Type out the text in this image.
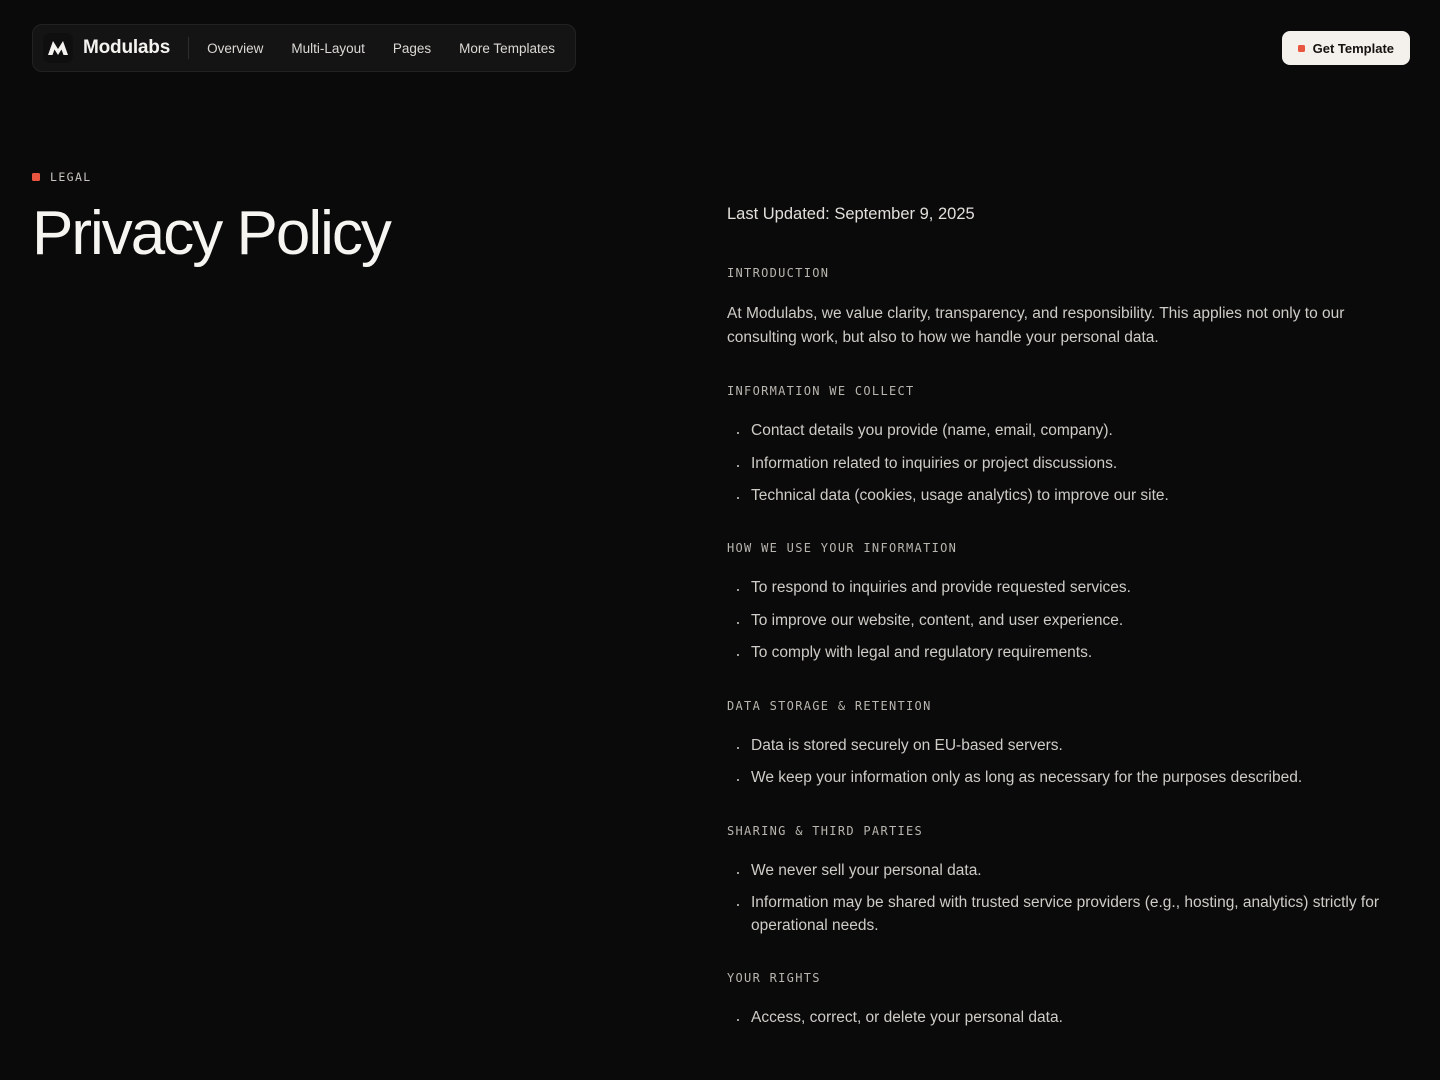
Modulabs	Overview Multi-Layout Pages More Templates	Get Template
LEGAL
Privacy Policy	Last Updated: September 9, 2025
INTRODUCTION

At Modulabs, we value clarity, transparency, and responsibility. This applies not only to our consulting work, but also to how we handle your personal data.

INFORMATION WE COLLECT
· Contact details you provide (name, email, company).
· Information related to inquiries or project discussions.
· Technical data (cookies, usage analytics) to improve our site.
HOW WE USE YOUR INFORMATION
· To respond to inquiries and provide requested services.
· To improve our website, content, and user experience.
· To comply with legal and regulatory requirements.
DATA STORAGE & RETENTION
· Data is stored securely on EU-based servers.
· We keep your information only as long as necessary for the purposes described.
SHARING & THIRD PARTIES
· We never sell your personal data.
· Information may be shared with trusted service providers (e.g., hosting, analytics) strictly for operational needs.
YOUR RIGHTS
· Access, correct, or delete your personal data.
